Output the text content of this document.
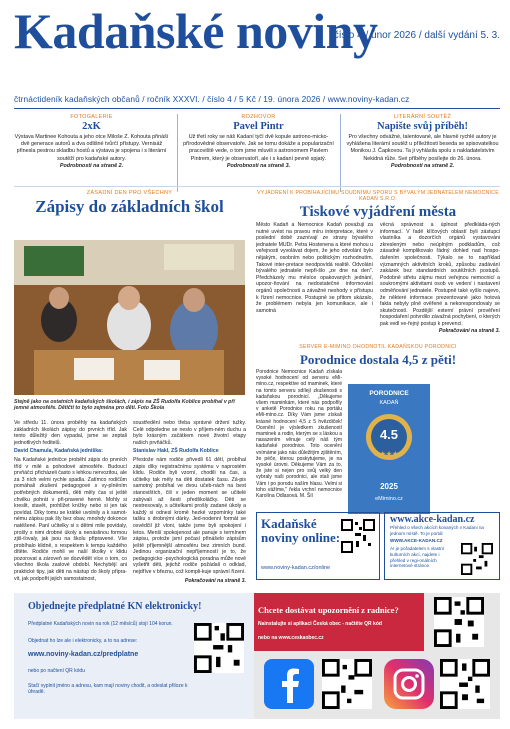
Kadaňské noviny
číslo 4 / únor 2026 / další vydání 5. 3.
čtrnáctideník kadaňských občanů / ročník XXXVI. / číslo 4 / 5 Kč / 19. února 2026 / www.noviny-kadan.cz
FOTOGALERIE
2xK
Výstava Martinee Kohouta a jeho otce Miloše Z. Kohouta přináší dvě generace autorů a dva odlišné tvůrčí přístupy. Vernisáž přinesla pestrou skladbu hostů a výstava je spojena i s literární soutěží pro kadaňské autory.
Podrobnosti na straně 2.
ROZHOVOR
Pavel Pintr
Už třetí roky se náš Kadaní tyčí dvě kopule astrono-micko-přírodovědné observatoře. Jak se tomu dokáže a popularizační pracoviště vede, o tom jsme mluvili s astronomem Pavlem Pintrem, který je observatoří, ale i s kadaní pevně spjatý.
Podrobnosti na straně 3.
LITERÁRNÍ SOUTĚŽ
Napište svůj příběh!
Pro všechny odvážné, talentované, ale hlavně rychlé autory je vyhlášena literární soutěž u příležitosti beseda se spisovatelkou Monikou J. Čapkovou. Ta ji vyhlásila spolu s nakladatelstvím Nekidná růže. Své příběhy posílejte do 26. února.
Podrobnosti na straně 2.
ZÁSADNÍ DEN PRO VŠECHNY
Zápisy do základních škol
Stejně jako na ostatních kadaňských školách, i zápis na ZŠ Rudolfa Koblice probíhal v pří jemné atmosféře. Dětičtí to bylo zejména pro děti. Foto Škola

Ve středu 11. února proběhly na kadaňských základních školách zápisy do prvních tříd. Jak tento důležitý den vypadal, jsme se zeptali jednotlivých ředitelů.

David Chamula, Kadaňská jedniška:

Na Kadaňské jedničce proběhl zápis do prvních tříd v milé a pohodové atmosféře. Budoucí prvňáčci přicházeli často s lehkou nervozitou, ale za 3 ních velmi rychle spadla. Zatímco rodičům pomáhali zkušení pedagogové s vy-plněním potřebných dokumentů, děti měly čas si ještě chvilku pohrát v při-pravené herně. Mohly si kreslit, stavět, prohlížet knížky nebo si jen tak povídat. Díky tomu se krátké uvolnily a k samot-nému zápisu pak šly bez obav, mnohdy dokonce natěšené. Paní učitelky si s dětmi mile povídaly, prošly s nimi drobné úkoly a nenáslinou formou zjiš-ťovaly, jak jsou na školu připravené. Vše probíhalo klidně, s respektem k tempu každého dítěte. Rodiče mohli ve naší školky v klidu pozorovat a zároveň se dozvědět více o tom, co všechno škola zaslové období. Nechybějí ani praktické tipy, jak děti na nástup do školy připra-vit, jak podpořit jejich samostatnost,

soustředění nebo třeba správné držení tužky. Celé odpoledne se neslo v příjem-ném duchu a bylo krásným začátkem nové životní etapy našich prvňáčků.

Stanislav Hakl, ZŠ Rudolfa Koblice

Přestože nám rodiče přivedli 61 dětí, probíhal zápis díky registračnímu systému v naprostém klidu. Rodiče byli vzorní, chodili na čas, a učitelky tak měly na děti dostatek času. Zá-pis samotný probíhal ve dvou učeb-nách na best stanovištích, čili v jeden moment se učitelé zabývali až šesti předškoláčky. Děti se nestresovaly, s učitelkami prošly zadané úkoly a každý si odnesl kromě hezké vzpomínky také tašku s drobnými dárky. Jed-nodenní formát se osvědčil již vloni, takže jsme byli spokojení i letos. Menší spokojenost ale panuje s termínem zápisu, protože jsmí počasí přinášelo zápisům ještě příjemnější atmosféru bez zimních bund. Jedinou organizační nepříjemností je to, že pedagogicko -psychologická poradna může nově vyšetřit děti, jejichž rodiče požádali o odklad, nejdříve v březnu, což kompli-kuje správní řízení.

Pokračování na straně 3.

VYJÁDŘENÍ K PROBÍHAJÍCÍMU SOUDNÍMU SPORU S BÝVALÝM JEDNATELEM NEMOCNICE KADAŇ S.R.O.
Tiskové vyjádření města
Město Kadaň a Nemocnice Kadaň považují za nutné uvést na pravou míru interpretace, které v poslední době zaznívají ze strany bývalého jednatele MUDr. Petra Hostenena a které mohou u veřejnosti vyvolávat dojem, že jeho odvolání bylo nějakým, osobním nebo politickým rozhodnutím. Takové inter-pretace neodpovídá realitě. Odvolání bývalého jednatele nepři-šlo „ze dne na den". Předcházely mu měsíce opakovaných jednání, upozor-ňování na nedostatečné informování orgánů společnosti a závažné neshody v přístupu k řízení nemocnice. Postupně se přitom ukázalo, že problémem nebyla jen komunikace, ale i samotná
věcná správnost a úplnost předkláda-ných informací. V řadě klíčových oblastí byli zástupci vlastníka a dozorčích orgánů vystavováni zkresleným nebo neúplným podkladům, což zásadně komplikovalo řádný dohled nad hospo-dařením společnosti. Týkalo se to například významných aktivitních kroků, způsobu zadávání zakázek bez standardních soutěžních postupů. Podobně střetu zájmu mezi veřejnou nemocnicí a soukromými aktivitami osob ve vedení i nastavení odměňování jednatele. Postupně také vyšlo najevo, že některé informace prezentované jako hotová fakta nebyly plně ověřené a nekorespondovaly se skutečností. Pozdější externí právní prověření hospodaření potvrdilo závažná pochybení, o kterých pak vedl ve-řejný postup k prevenci.
Pokračování na straně 3.
SERVER E-MIMINO OHODNOTIL KADAŇSKOU PORODNICI
Porodnice dostala 4,5 z pěti!
Porodnice Nemocnice Kadaň získala vysoké hodnocení od serveru eMi-mino.cz, respektive od maminek, které na tomto serveru sdílejí zkušenosti s kadaňskou porodnicí. „Děkujeme všem maminkám, které nás podpořily v anketě Porodnice roku na portálu eMi-mino.cz. Díky Vám jsme získali krásné hodnocení 4,5 z 5 hvězdiček! Ocenění je výsledkem zkušeností maminek a rodin, kterým se s láskou a nasazením věnuje celý náš tým kadaňské porodnice. Toto ocenění vnímáme jako nás důležitým zjištěním, že péče, kterou poskytujeme, je na vysoké úrovni. Děkujeme Vám za to, že jste si nejen pro svůj velký den vybraly naši porodnici, ale stali jsme Vám i po porodu naším hlasu. Velmi si toho vážíme," řekla vrchní nemocnice Karolína Odlasová. M. Šíl
PORODNICE
KADAŇ
4.5
★★★★★
2025
eMimino.cz
Kadaňské noviny online:
www.noviny-kadan.cz/online
www.akce-kadan.cz
Přehled o všech akcích konaných v Kadani na jednom místě. To je portál
WWW.AKCE-KADAN.CZ
A! je pořadatelem s vlastní kulturních akcí, najdete i přehled v regi-onálních internetové stránce.
Objednejte předplatné KN elektronicky!
Předplatné Kadaňských novin na rok (12 měsíců) stojí 104 korun.
Objednat ho lze ale i elektronicky, a to na adrese:
www.noviny-kadan.cz/predplatne
nebo po načtení QR kódu
Stačí vyplnit jméno a adresu, kam mají noviny chodit, a odeslat přiloze k úhradě.
Chcete dostávat upozornění z radnice?
Nainstalujte si aplikaci Česká obec - načtěte QR kód
nebo na www.ceskaobec.cz
